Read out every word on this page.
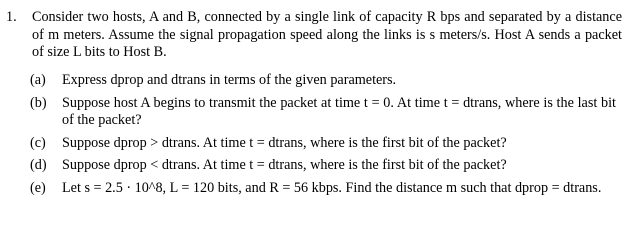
1. Consider two hosts, A and B, connected by a single link of capacity R bps and separated by a distance of m meters. Assume the signal propagation speed along the links is s meters/s. Host A sends a packet of size L bits to Host B.
(a) Express dprop and dtrans in terms of the given parameters.
(b) Suppose host A begins to transmit the packet at time t = 0. At time t = dtrans, where is the last bit of the packet?
(c) Suppose dprop > dtrans. At time t = dtrans, where is the first bit of the packet?
(d) Suppose dprop < dtrans. At time t = dtrans, where is the first bit of the packet?
(e) Let s = 2.5 · 10^8, L = 120 bits, and R = 56 kbps. Find the distance m such that dprop = dtrans.
